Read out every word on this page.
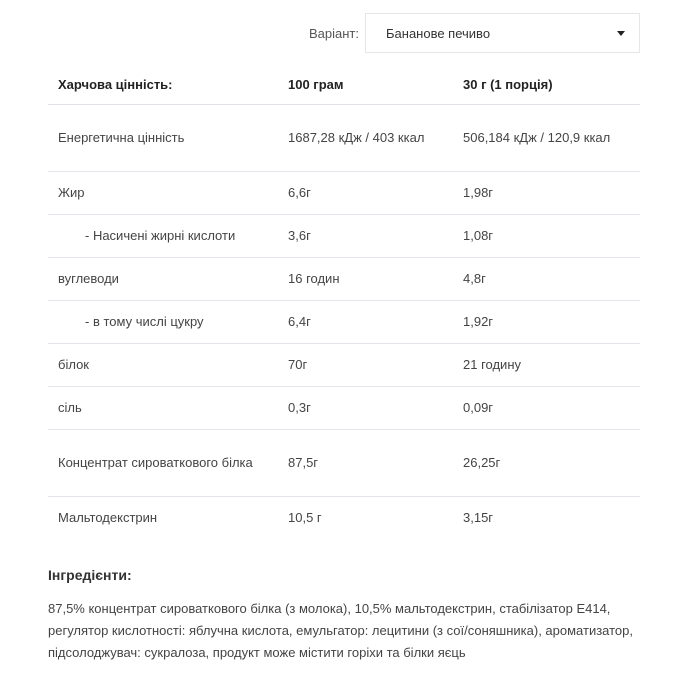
Варіант: Бананове печиво
Харчова цінність:	100 грам	30 г (1 порція)
Енергетична цінність	1687,28 кДж / 403 ккал	506,184 кДж / 120,9 ккал
Жир	6,6г	1,98г
- Насичені жирні кислоти	3,6г	1,08г
вуглеводи	16 годин	4,8г
- в тому числі цукру	6,4г	1,92г
білок	70г	21 годину
сіль	0,3г	0,09г
Концентрат сироваткового білка	87,5г	26,25г
Мальтодекстрин	10,5 г	3,15г
Інгредієнти:

87,5% концентрат сироваткового білка (з молока), 10,5% мальтодекстрин, стабілізатор E414, регулятор кислотності: яблучна кислота, емульгатор: лецитини (з сої/соняшника), ароматизатор, підсолоджувач: сукралоза, продукт може містити горіхи та білки яєць
